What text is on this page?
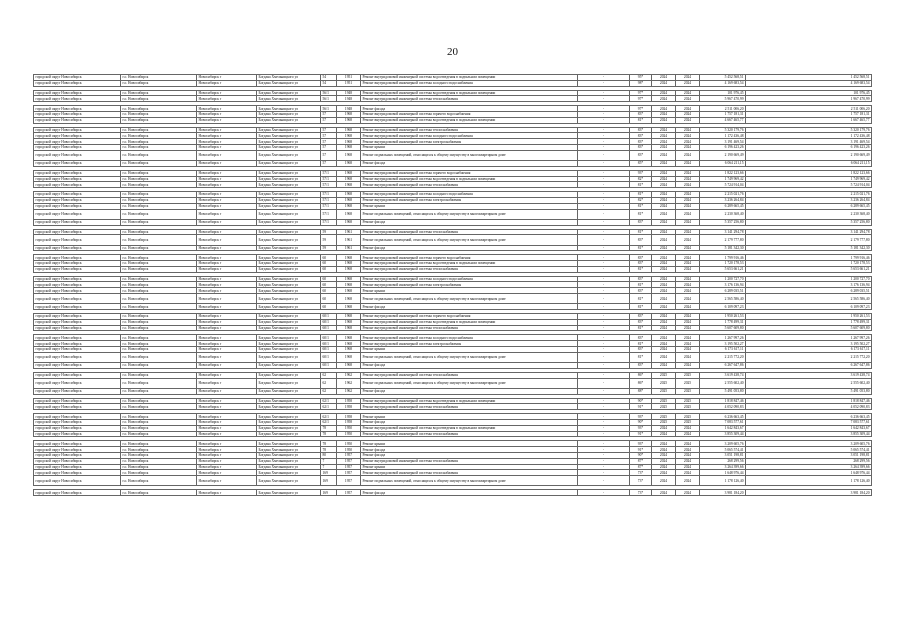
20
городской округ Новосибирск	г.о. Новосибирск	Новосибирск г	Богдана Хмельницкого ул	54	1951	Ремонт внутридомовой инженерной системы водоотведения в подвальном помещении	-	95*	2024	2024	5 452 568,51	1 452 568,51
городской округ Новосибирск	г.о. Новосибирск	Новосибирск г	Богдана Хмельницкого ул	54	1951	Ремонт внутридомовой инженерной системы холодного водоснабжения	-	98*	2024	2024	4 169 683,54	4 169 683,54

городской округ Новосибирск	г.о. Новосибирск	Новосибирск г	Богдана Хмельницкого ул	56/1	1948	Ремонт внутридомовой инженерной системы водоотведения в подвальном помещении	-	97*	2024	2024	101 976,45	101 976,45
городской округ Новосибирск	г.о. Новосибирск	Новосибирск г	Богдана Хмельницкого ул	56/1	1948	Ремонт внутридомовой инженерной системы теплоснабжения	-	97*	2024	2024	5 967 470,99	1 967 470,99

городской округ Новосибирск	г.о. Новосибирск	Новосибирск г	Богдана Хмельницкого ул	56/1	1948	Ремонт фасада	-	97*	2024	2024	2 511 006,20	2 511 006,20
городской округ Новосибирск	г.о. Новосибирск	Новосибирск г	Богдана Хмельницкого ул	57	1968	Ремонт внутридомовой инженерной системы горячего водоснабжения	-	83*	2024	2024	1 757 181,31	1 757 181,31
городской округ Новосибирск	г.о. Новосибирск	Новосибирск г	Богдана Хмельницкого ул	57	1968	Ремонт внутридомовой инженерной системы водоотведения в подвальном помещении	-	81*	2024	2024	4 667 465,77	1 667 465,77

городской округ Новосибирск	г.о. Новосибирск	Новосибирск г	Богдана Хмельницкого ул	57	1968	Ремонт внутридомовой инженерной системы теплоснабжения	-	83*	2024	2024	5 320 179,76	5 320 179,76
городской округ Новосибирск	г.о. Новосибирск	Новосибирск г	Богдана Хмельницкого ул	57	1968	Ремонт внутридомовой инженерной системы холодного водоснабжения	-	83*	2024	2024	1 172 436,48	1 172 436,48
городской округ Новосибирск	г.о. Новосибирск	Новосибирск г	Богдана Хмельницкого ул	57	1968	Ремонт внутридомовой инженерной системы электроснабжения	-	83*	2024	2024	3 191 469,54	3 191 469,54
городской округ Новосибирск	г.о. Новосибирск	Новосибирск г	Богдана Хмельницкого ул	57	1968	Ремонт крыши	-	83*	2024	2024	6 196 423,26	6 196 423,26
городской округ Новосибирск	г.о. Новосибирск	Новосибирск г	Богдана Хмельницкого ул	57	1968	Ремонт подвальных помещений, относящихся к общему имуществу в многоквартирном доме	-	83*	2024	2024	2 190 669,49	2 190 669,49
городской округ Новосибирск	г.о. Новосибирск	Новосибирск г	Богдана Хмельницкого ул	57	1968	Ремонт фасада	-	85*	2024	2024	6 064 211,15	6 064 211,15

городской округ Новосибирск	г.о. Новосибирск	Новосибирск г	Богдана Хмельницкого ул	57/1	1968	Ремонт внутридомовой инженерной системы горячего водоснабжения	-	93*	2024	2024	1 822 123,66	1 822 123,66
городской округ Новосибирск	г.о. Новосибирск	Новосибирск г	Богдана Хмельницкого ул	57/1	1968	Ремонт внутридомовой инженерной системы водоотведения в подвальном помещении	-	82*	2024	2024	1 749 969,42	1 749 969,42
городской округ Новосибирск	г.о. Новосибирск	Новосибирск г	Богдана Хмельницкого ул	57/1	1968	Ремонт внутридомовой инженерной системы теплоснабжения	-	81*	2024	2024	5 724 914,04	5 724 914,04

городской округ Новосибирск	г.о. Новосибирск	Новосибирск г	Богдана Хмельницкого ул	57/1	1968	Ремонт внутридомовой инженерной системы холодного водоснабжения	-	81*	2024	2024	2 215 021,76	2 215 021,76
городской округ Новосибирск	г.о. Новосибирск	Новосибирск г	Богдана Хмельницкого ул	57/1	1968	Ремонт внутридомовой инженерной системы электроснабжения	-	82*	2024	2024	3 236 264,84	3 236 264,84
городской округ Новосибирск	г.о. Новосибирск	Новосибирск г	Богдана Хмельницкого ул	57/1	1968	Ремонт крыши	-	81*	2024	2024	6 289 665,45	6 289 665,45
городской округ Новосибирск	г.о. Новосибирск	Новосибирск г	Богдана Хмельницкого ул	57/1	1968	Ремонт подвальных помещений, относящихся к общему имуществу в многоквартирном доме	-	81*	2024	2024	2 230 368,40	2 230 368,40
городской округ Новосибирск	г.о. Новосибирск	Новосибирск г	Богдана Хмельницкого ул	57/1	1968	Ремонт фасада	-	83*	2024	2024	5 357 256,80	5 357 256,80

городской округ Новосибирск	г.о. Новосибирск	Новосибирск г	Богдана Хмельницкого ул	59	1961	Ремонт внутридомовой инженерной системы теплоснабжения	-	81*	2024	2024	3 141 294,78	3 141 294,78
городской округ Новосибирск	г.о. Новосибирск	Новосибирск г	Богдана Хмельницкого ул	59	1961	Ремонт подвальных помещений, относящихся к общему имуществу в многоквартирном доме	-	83*	2024	2024	2 179 777,80	2 179 777,80
городской округ Новосибирск	г.о. Новосибирск	Новосибирск г	Богдана Хмельницкого ул	59	1961	Ремонт фасада	-	81*	2024	2024	5 181 342,30	5 181 342,30

городской округ Новосибирск	г.о. Новосибирск	Новосибирск г	Богдана Хмельницкого ул	60	1968	Ремонт внутридомовой инженерной системы горячего водоснабжения	-	83*	2024	2024	1 799 916,46	1 799 916,46
городской округ Новосибирск	г.о. Новосибирск	Новосибирск г	Богдана Хмельницкого ул	60	1968	Ремонт внутридомовой инженерной системы водоотведения в подвальном помещении	-	83*	2024	2024	1 720 178,53	1 720 178,53
городской округ Новосибирск	г.о. Новосибирск	Новосибирск г	Богдана Хмельницкого ул	60	1968	Ремонт внутридомовой инженерной системы теплоснабжения	-	81*	2024	2024	5 653 661,21	5 653 661,21

городской округ Новосибирск	г.о. Новосибирск	Новосибирск г	Богдана Хмельницкого ул	60	1968	Ремонт внутридомовой инженерной системы холодного водоснабжения	-	83*	2024	2024	1 200 727,70	1 200 727,70
городской округ Новосибирск	г.о. Новосибирск	Новосибирск г	Богдана Хмельницкого ул	60	1968	Ремонт внутридомовой инженерной системы электроснабжения	-	81*	2024	2024	3 176 136,94	3 176 136,94
городской округ Новосибирск	г.о. Новосибирск	Новосибирск г	Богдана Хмельницкого ул	60	1968	Ремонт крыши	-	83*	2024	2024	6 289 035,51	6 289 035,51
городской округ Новосибирск	г.о. Новосибирск	Новосибирск г	Богдана Хмельницкого ул	60	1968	Ремонт подвальных помещений, относящихся к общему имуществу в многоквартирном доме	-	81*	2024	2024	2 565 586,40	2 565 586,40
городской округ Новосибирск	г.о. Новосибирск	Новосибирск г	Богдана Хмельницкого ул	60	1968	Ремонт фасада	-	81*	2024	2024	6 109 097,23	6 109 097,23

городской округ Новосибирск	г.о. Новосибирск	Новосибирск г	Богдана Хмельницкого ул	60/1	1968	Ремонт внутридомовой инженерной системы горячего водоснабжения	-	83*	2024	2024	1 950 261,53	1 950 261,53
городской округ Новосибирск	г.о. Новосибирск	Новосибирск г	Богдана Хмельницкого ул	60/1	1968	Ремонт внутридомовой инженерной системы водоотведения в подвальном помещении	-	83*	2024	2024	1 778 499,31	1 778 499,31
городской округ Новосибирск	г.о. Новосибирск	Новосибирск г	Богдана Хмельницкого ул	60/1	1968	Ремонт внутридомовой инженерной системы теплоснабжения	-	81*	2024	2024	5 607 609,80	5 607 609,80

городской округ Новосибирск	г.о. Новосибирск	Новосибирск г	Богдана Хмельницкого ул	60/1	1968	Ремонт внутридомовой инженерной системы холодного водоснабжения	-	83*	2024	2024	1 267 997,26	1 267 997,26
городской округ Новосибирск	г.о. Новосибирск	Новосибирск г	Богдана Хмельницкого ул	60/1	1968	Ремонт внутридомовой инженерной системы электроснабжения	-	81*	2024	2024	3 195 502,27	3 195 502,27
городской округ Новосибирск	г.о. Новосибирск	Новосибирск г	Богдана Хмельницкого ул	60/1	1968	Ремонт крыши	-	83*	2024	2024	6 173 617,11	6 173 617,11
городской округ Новосибирск	г.о. Новосибирск	Новосибирск г	Богдана Хмельницкого ул	60/1	1968	Ремонт подвальных помещений, относящихся к общему имуществу в многоквартирном доме	-	81*	2024	2024	2 215 772,20	2 215 772,20
городской округ Новосибирск	г.о. Новосибирск	Новосибирск г	Богдана Хмельницкого ул	60/1	1968	Ремонт фасада	-	83*	2024	2024	6 267 647,86	6 267 647,86

городской округ Новосибирск	г.о. Новосибирск	Новосибирск г	Богдана Хмельницкого ул	62	1962	Ремонт внутридомовой инженерной системы теплоснабжения	-	86*	2025	2025	3 619 438,74	3 619 438,74
городской округ Новосибирск	г.о. Новосибирск	Новосибирск г	Богдана Хмельницкого ул	62	1962	Ремонт подвальных помещений, относящихся к общему имуществу в многоквартирном доме	-	86*	2025	2025	2 555 602,40	2 555 602,40
городской округ Новосибирск	г.о. Новосибирск	Новосибирск г	Богдана Хмельницкого ул	62	1962	Ремонт фасада	-	88*	2025	2025	5 491 053,80	5 491 053,80

городской округ Новосибирск	г.о. Новосибирск	Новосибирск г	Богдана Хмельницкого ул	62/1	1958	Ремонт внутридомовой инженерной системы водоотведения в подвальном помещении	-	90*	2025	2025	1 818 847,46	1 818 847,46
городской округ Новосибирск	г.о. Новосибирск	Новосибирск г	Богдана Хмельницкого ул	62/1	1958	Ремонт внутридомовой инженерной системы теплоснабжения	-	91*	2025	2025	4 052 090,83	4 052 090,83

городской округ Новосибирск	г.о. Новосибирск	Новосибирск г	Богдана Хмельницкого ул	62/1	1958	Ремонт крыши	-	93*	2025	2025	6 236 663,45	6 236 663,45
городской округ Новосибирск	г.о. Новосибирск	Новосибирск г	Богдана Хмельницкого ул	62/1	1958	Ремонт фасада	-	90*	2025	2025	7 083 577,61	7 083 577,61
городской округ Новосибирск	г.о. Новосибирск	Новосибирск г	Богдана Хмельницкого ул	78	1950	Ремонт внутридомовой инженерной системы водоотведения в подвальном помещении	-	93*	2024	2024	1 642 843,67	1 642 843,67
городской округ Новосибирск	г.о. Новосибирск	Новосибирск г	Богдана Хмельницкого ул	78	1950	Ремонт внутридомовой инженерной системы теплоснабжения	-	91*	2024	2024	3 855 309,44	3 855 309,44

городской округ Новосибирск	г.о. Новосибирск	Новосибирск г	Богдана Хмельницкого ул	78	1950	Ремонт крыши	-	93*	2024	2024	3 209 605,76	3 209 605,76
городской округ Новосибирск	г.о. Новосибирск	Новосибирск г	Богдана Хмельницкого ул	78	1950	Ремонт фасада	-	91*	2024	2024	5 065 574,41	5 065 574,41
городской округ Новосибирск	г.о. Новосибирск	Новосибирск г	Богдана Хмельницкого ул	80	1957	Ремонт фасада	-	90*	2024	2024	3 051 198,81	3 051 198,81
городской округ Новосибирск	г.о. Новосибирск	Новосибирск г	Богдана Хмельницкого ул	7	1957	Ремонт внутридомовой инженерной системы теплоснабжения	-	87*	2024	2024	268 299,56	268 299,56
городской округ Новосибирск	г.о. Новосибирск	Новосибирск г	Богдана Хмельницкого ул	7	1957	Ремонт крыши	-	87*	2024	2024	3 264 399,66	3 264 399,66
городской округ Новосибирск	г.о. Новосибирск	Новосибирск г	Богдана Хмельницкого ул	169	1957	Ремонт внутридомовой инженерной системы теплоснабжения	-	73*	2024	2024	1 648 976,44	1 648 976,44
городской округ Новосибирск	г.о. Новосибирск	Новосибирск г	Богдана Хмельницкого ул	169	1957	Ремонт подвальных помещений, относящихся к общему имуществу в многоквартирном доме	-	73*	2024	2024	1 178 126,40	1 178 126,40

городской округ Новосибирск	г.о. Новосибирск	Новосибирск г	Богдана Хмельницкого ул	169	1957	Ремонт фасада	-	73*	2024	2024	3 981 184,20	3 981 184,20
